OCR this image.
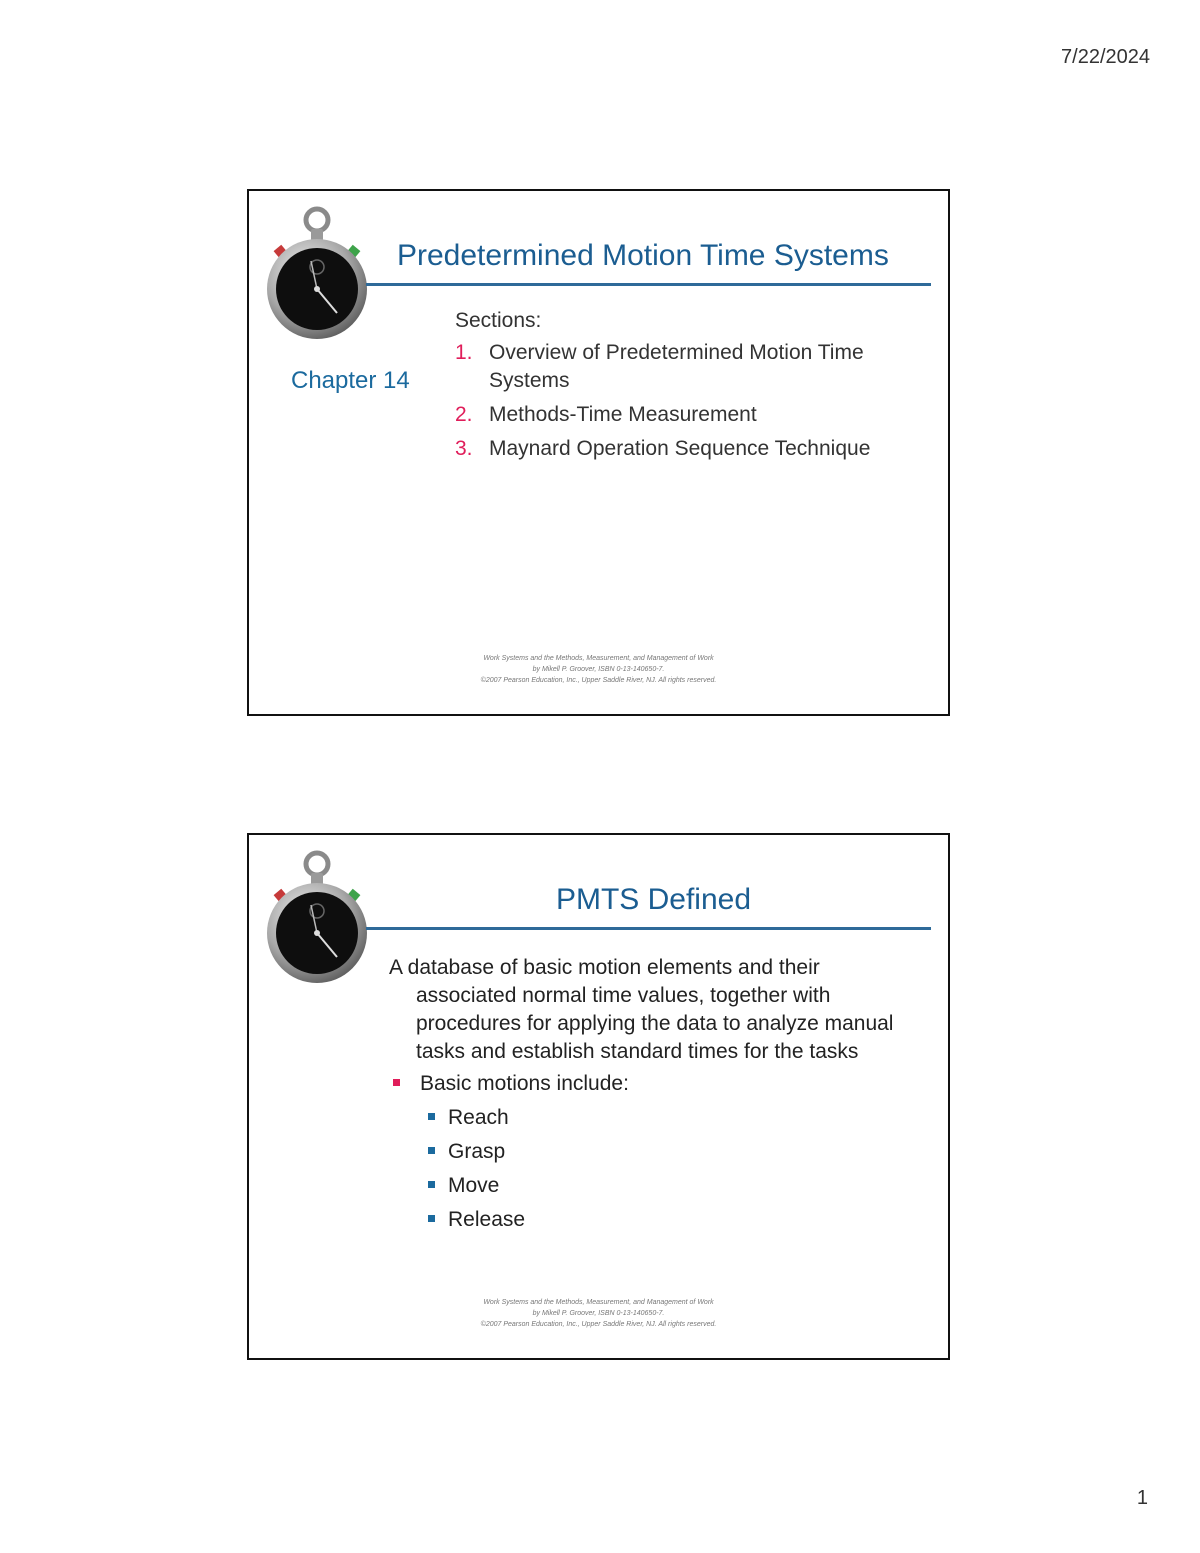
7/22/2024
Predetermined Motion Time Systems
Chapter 14
Sections:
1. Overview of Predetermined Motion Time Systems
2. Methods-Time Measurement
3. Maynard Operation Sequence Technique
Work Systems and the Methods, Measurement, and Management of Work
by Mikell P. Groover, ISBN 0-13-140650-7.
©2007 Pearson Education, Inc., Upper Saddle River, NJ. All rights reserved.
PMTS Defined
A database of basic motion elements and their associated normal time values, together with procedures for applying the data to analyze manual tasks and establish standard times for the tasks
Basic motions include:
Reach
Grasp
Move
Release
Work Systems and the Methods, Measurement, and Management of Work
by Mikell P. Groover, ISBN 0-13-140650-7.
©2007 Pearson Education, Inc., Upper Saddle River, NJ. All rights reserved.
1
